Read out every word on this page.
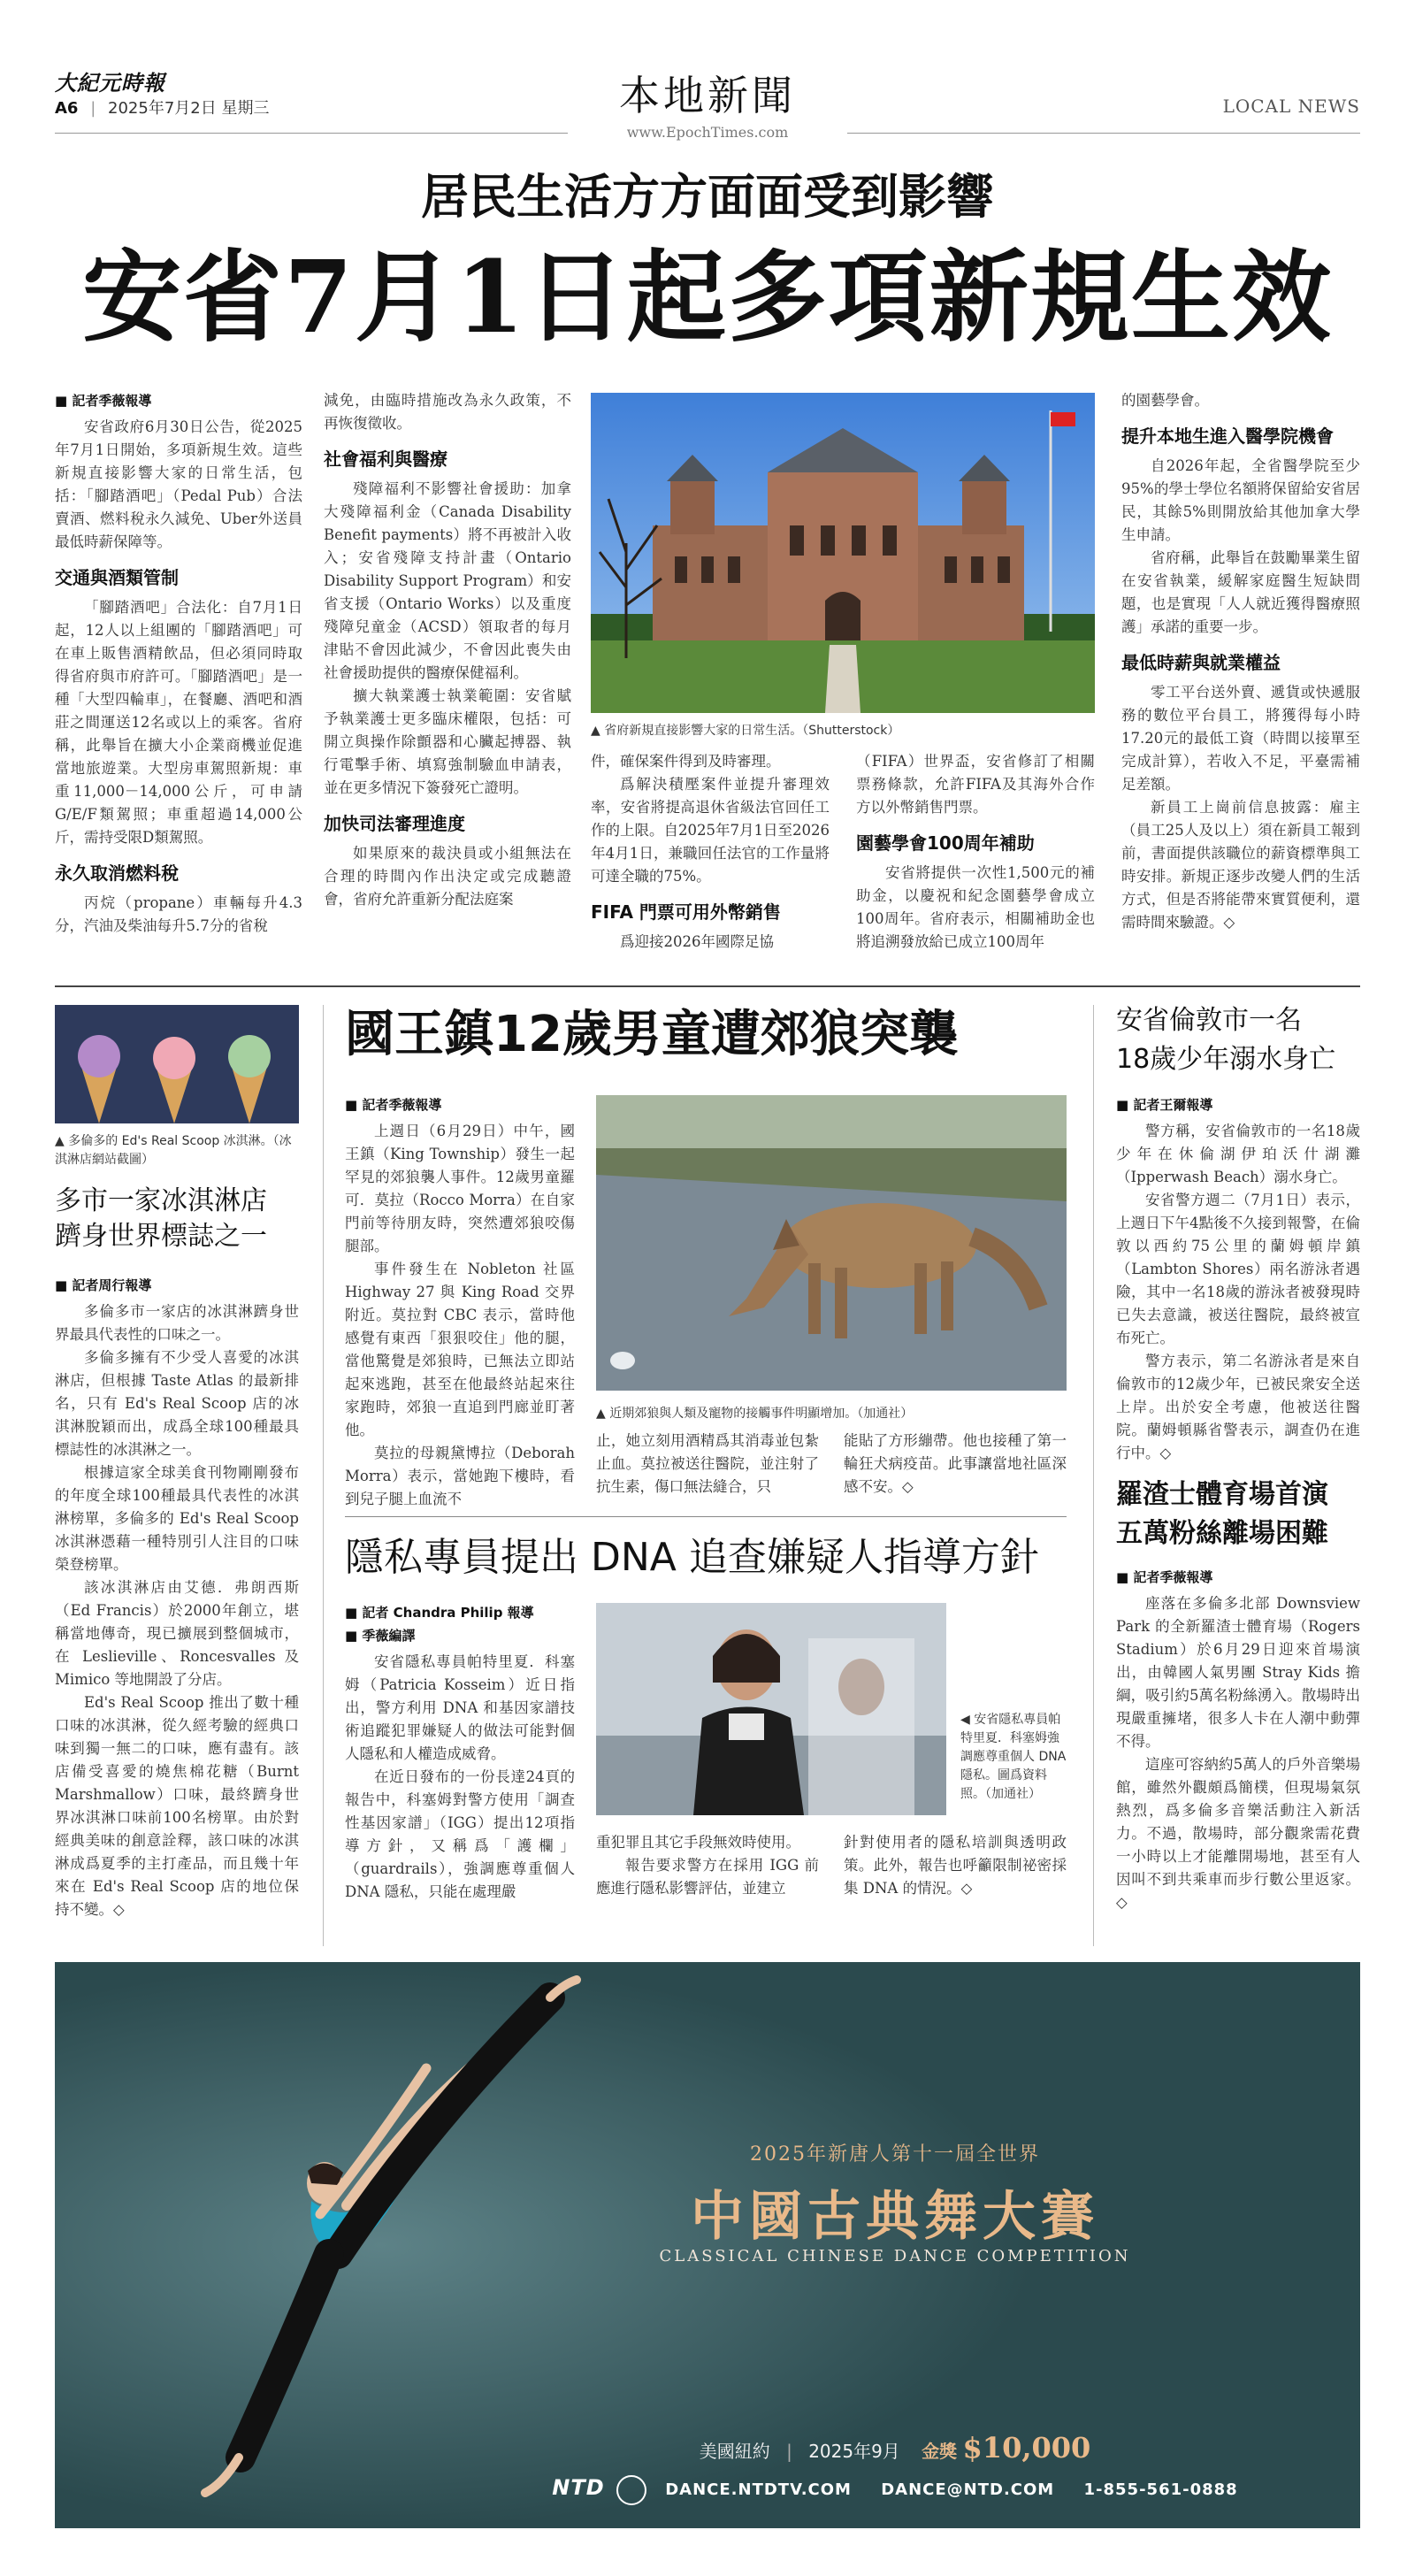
大紀元時報
A6 | 2025年7月2日 星期三	本地新聞
www.EpochTimes.com
LOCAL NEWS
居民生活方方面面受到影響
安省7月1日起多項新規生效
■ 記者季薇報導

安省政府6月30日公告，從2025年7月1日開始，多項新規生效。這些新規直接影響大家的日常生活，包括：「腳踏酒吧」（Pedal Pub）合法賣酒、燃料稅永久減免、Uber外送員最低時薪保障等。

交通與酒類管制

「腳踏酒吧」合法化：自7月1日起，12人以上組團的「腳踏酒吧」可在車上販售酒精飲品，但必須同時取得省府與市府許可。「腳踏酒吧」是一種「大型四輪車」，在餐廳、酒吧和酒莊之間運送12名或以上的乘客。省府稱，此舉旨在擴大小企業商機並促進當地旅遊業。大型房車駕照新規：車重11,000－14,000公斤，可申請G/E/F類駕照；車重超過14,000公斤，需持受限D類駕照。

永久取消燃料稅

丙烷（propane）車輛每升4.3分，汽油及柴油每升5.7分的省稅

減免，由臨時措施改為永久政策，不再恢復徵收。

社會福利與醫療

殘障福利不影響社會援助：加拿大殘障福利金（Canada Disability Benefit payments）將不再被計入收入；安省殘障支持計畫（Ontario Disability Support Program）和安省支援（Ontario Works）以及重度殘障兒童金（ACSD）領取者的每月津貼不會因此減少，不會因此喪失由社會援助提供的醫療保健福利。

擴大執業護士執業範圍：安省賦予執業護士更多臨床權限，包括：可開立與操作除顫器和心臟起搏器、執行電擊手術、填寫強制驗血申請表，並在更多情況下簽發死亡證明。

加快司法審理進度

如果原來的裁決員或小組無法在合理的時間內作出決定或完成聽證會，省府允許重新分配法庭案

▲ 省府新規直接影響大家的日常生活。（Shutterstock）

件，確保案件得到及時審理。

爲解決積壓案件並提升審理效率，安省將提高退休省級法官回任工作的上限。自2025年7月1日至2026年4月1日，兼職回任法官的工作量將可達全職的75%。

FIFA 門票可用外幣銷售

爲迎接2026年國際足協

（FIFA）世界盃，安省修訂了相關票務條款，允許FIFA及其海外合作方以外幣銷售門票。

園藝學會100周年補助

安省將提供一次性1,500元的補助金，以慶祝和紀念園藝學會成立100周年。省府表示，相關補助金也將追溯發放給已成立100周年

的園藝學會。

提升本地生進入醫學院機會

自2026年起，全省醫學院至少95%的學士學位名額將保留給安省居民，其餘5%則開放給其他加拿大學生申請。

省府稱，此舉旨在鼓勵畢業生留在安省執業，緩解家庭醫生短缺問題，也是實現「人人就近獲得醫療照護」承諾的重要一步。

最低時薪與就業權益

零工平台送外賣、遞貨或快遞服務的數位平台員工，將獲得每小時17.20元的最低工資（時間以接單至完成計算），若收入不足，平臺需補足差額。

新員工上崗前信息披露：雇主（員工25人及以上）須在新員工報到前，書面提供該職位的薪資標準與工時安排。新規正逐步改變人們的生活方式，但是否將能帶來實質便利，還需時間來驗證。◇

▲ 多倫多的 Ed's Real Scoop 冰淇淋。（冰淇淋店網站截圖）
多市一家冰淇淋店
躋身世界標誌之一
■ 記者周行報導

多倫多市一家店的冰淇淋躋身世界最具代表性的口味之一。

多倫多擁有不少受人喜愛的冰淇淋店，但根據 Taste Atlas 的最新排名，只有 Ed's Real Scoop 店的冰淇淋脫穎而出，成爲全球100種最具標誌性的冰淇淋之一。

根據這家全球美食刊物剛剛發布的年度全球100種最具代表性的冰淇淋榜單，多倫多的 Ed's Real Scoop 冰淇淋憑藉一種特別引人注目的口味榮登榜單。

該冰淇淋店由艾德．弗朗西斯（Ed Francis）於2000年創立，堪稱當地傳奇，現已擴展到整個城市，在 Leslieville、Roncesvalles 及 Mimico 等地開設了分店。

Ed's Real Scoop 推出了數十種口味的冰淇淋，從久經考驗的經典口味到獨一無二的口味，應有盡有。該店備受喜愛的燒焦棉花糖（Burnt Marshmallow）口味，最終躋身世界冰淇淋口味前100名榜單。由於對經典美味的創意詮釋，該口味的冰淇淋成爲夏季的主打產品，而且幾十年來在 Ed's Real Scoop 店的地位保持不變。◇

國王鎮12歲男童遭郊狼突襲
■ 記者季薇報導

上週日（6月29日）中午，國王鎮（King Township）發生一起罕見的郊狼襲人事件。12歲男童羅可．莫拉（Rocco Morra）在自家門前等待朋友時，突然遭郊狼咬傷腿部。

事件發生在 Nobleton 社區 Highway 27 與 King Road 交界附近。莫拉對 CBC 表示，當時他感覺有東西「狠狠咬住」他的腿，當他驚覺是郊狼時，已無法立即站起來逃跑，甚至在他最終站起來往家跑時，郊狼一直追到門廊並盯著他。

莫拉的母親黛博拉（Deborah Morra）表示，當她跑下樓時，看到兒子腿上血流不

▲ 近期郊狼與人類及寵物的接觸事件明顯增加。（加通社）

止，她立刻用酒精爲其消毒並包紮止血。莫拉被送往醫院，並注射了抗生素，傷口無法縫合，只

能貼了方形繃帶。他也接種了第一輪狂犬病疫苗。此事讓當地社區深感不安。◇

隱私專員提出 DNA 追查嫌疑人指導方針
■ 記者 Chandra Philip 報導
■ 季薇編譯

安省隱私專員帕特里夏．科塞姆（Patricia Kosseim）近日指出，警方利用 DNA 和基因家譜技術追蹤犯罪嫌疑人的做法可能對個人隱私和人權造成威脅。

在近日發布的一份長達24頁的報告中，科塞姆對警方使用「調查性基因家譜」（IGG）提出12項指導方針，又稱爲「護欄」（guardrails），強調應尊重個人 DNA 隱私，只能在處理嚴

◀ 安省隱私專員帕特里夏．科塞姆強調應尊重個人 DNA 隱私。圖爲資料照。（加通社）

重犯罪且其它手段無效時使用。

報告要求警方在採用 IGG 前應進行隱私影響評估，並建立

針對使用者的隱私培訓與透明政策。此外，報告也呼籲限制祕密採集 DNA 的情況。◇

安省倫敦市一名
18歲少年溺水身亡
■ 記者王爾報導

警方稱，安省倫敦市的一名18歲少年在休倫湖伊珀沃什湖灘（Ipperwash Beach）溺水身亡。

安省警方週二（7月1日）表示，上週日下午4點後不久接到報警，在倫敦以西約75公里的蘭姆頓岸鎮（Lambton Shores）兩名游泳者遇險，其中一名18歲的游泳者被發現時已失去意識，被送往醫院，最終被宣布死亡。

警方表示，第二名游泳者是來自倫敦市的12歲少年，已被民衆安全送上岸。出於安全考慮，他被送往醫院。蘭姆頓縣省警表示，調查仍在進行中。◇

羅渣士體育場首演
五萬粉絲離場困難
■ 記者季薇報導

座落在多倫多北部 Downsview Park 的全新羅渣士體育場（Rogers Stadium）於6月29日迎來首場演出，由韓國人氣男團 Stray Kids 擔綱，吸引約5萬名粉絲湧入。散場時出現嚴重擁堵，很多人卡在人潮中動彈不得。

這座可容納約5萬人的戶外音樂場館，雖然外觀頗爲簡樸，但現場氣氛熱烈，爲多倫多音樂活動注入新活力。不過，散場時，部分觀衆需花費一小時以上才能離開場地，甚至有人因叫不到共乘車而步行數公里返家。◇

2025年新唐人第十一屆全世界
中國古典舞大賽
CLASSICAL CHINESE DANCE COMPETITION
美國紐約 | 2025年9月 金獎 $10,000
NTD	DANCE.NTDTV.COM DANCE@NTD.COM 1-855-561-0888
